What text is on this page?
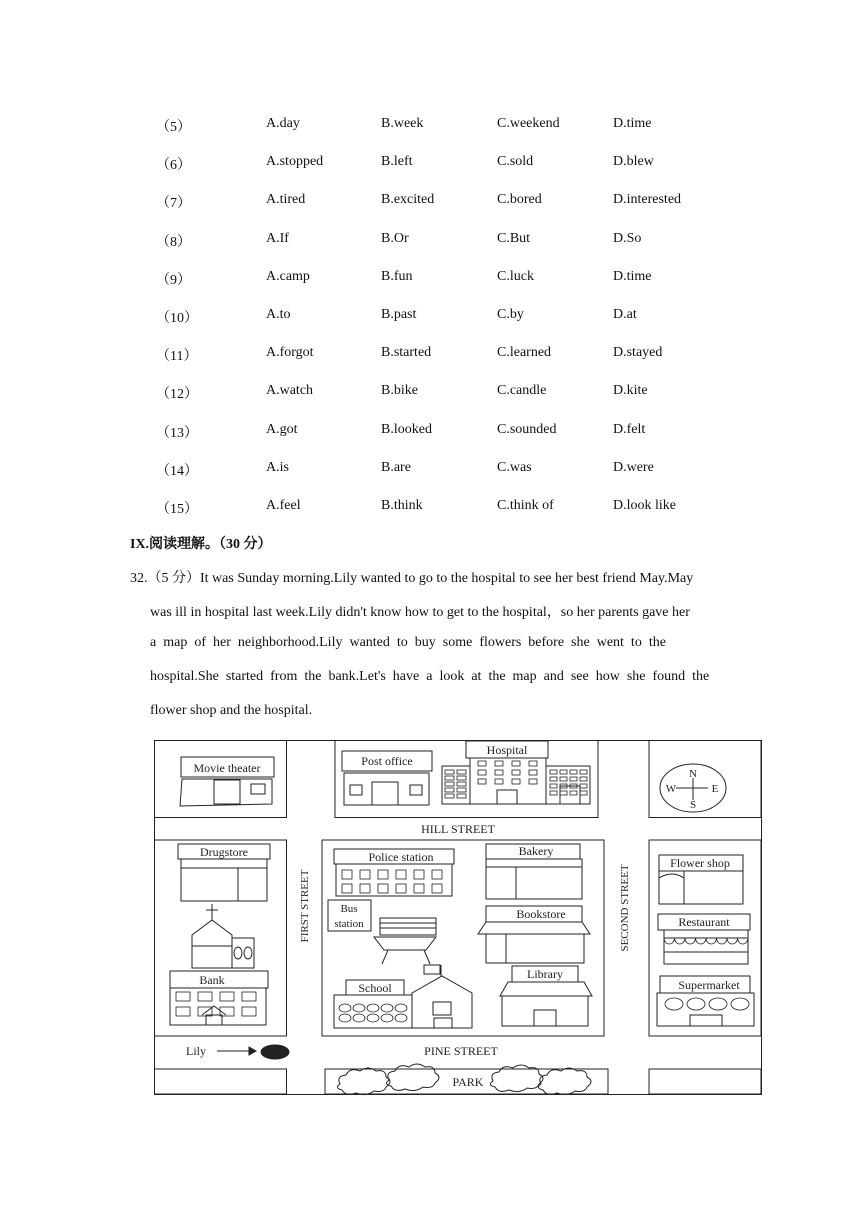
（5）	A.day	B.week	C.weekend	D.time
（6）	A.stopped	B.left	C.sold	D.blew
（7）	A.tired	B.excited	C.bored	D.interested
（8）	A.If	B.Or	C.But	D.So
（9）	A.camp	B.fun	C.luck	D.time
（10）	A.to	B.past	C.by	D.at
（11）	A.forgot	B.started	C.learned	D.stayed
（12）	A.watch	B.bike	C.candle	D.kite
（13）	A.got	B.looked	C.sounded	D.felt
（14）	A.is	B.are	C.was	D.were
（15）	A.feel	B.think	C.think of	D.look like
IX.阅读理解。（30 分）
32.（5 分）It was Sunday morning.Lily wanted to go to the hospital to see her best friend May.May
was ill in hospital last week.Lily didn't know how to get to the hospital，so her parents gave her
a  map  of  her  neighborhood.Lily  wanted  to  buy  some  flowers  before  she  went  to  the
hospital.She  started  from  the  bank.Let's  have  a  look  at  the  map  and  see  how  she  found  the
flower shop and the hospital.
HILL STREET
PINE STREET
FIRST STREET	SECOND STREET
Movie theater	Post office
Hospital
N
S
E
W
Drugstore
Bank
Police station
Bus
station
School
Bakery
Bookstore
Library
Flower shop
Restaurant
Supermarket
Lily
PARK
